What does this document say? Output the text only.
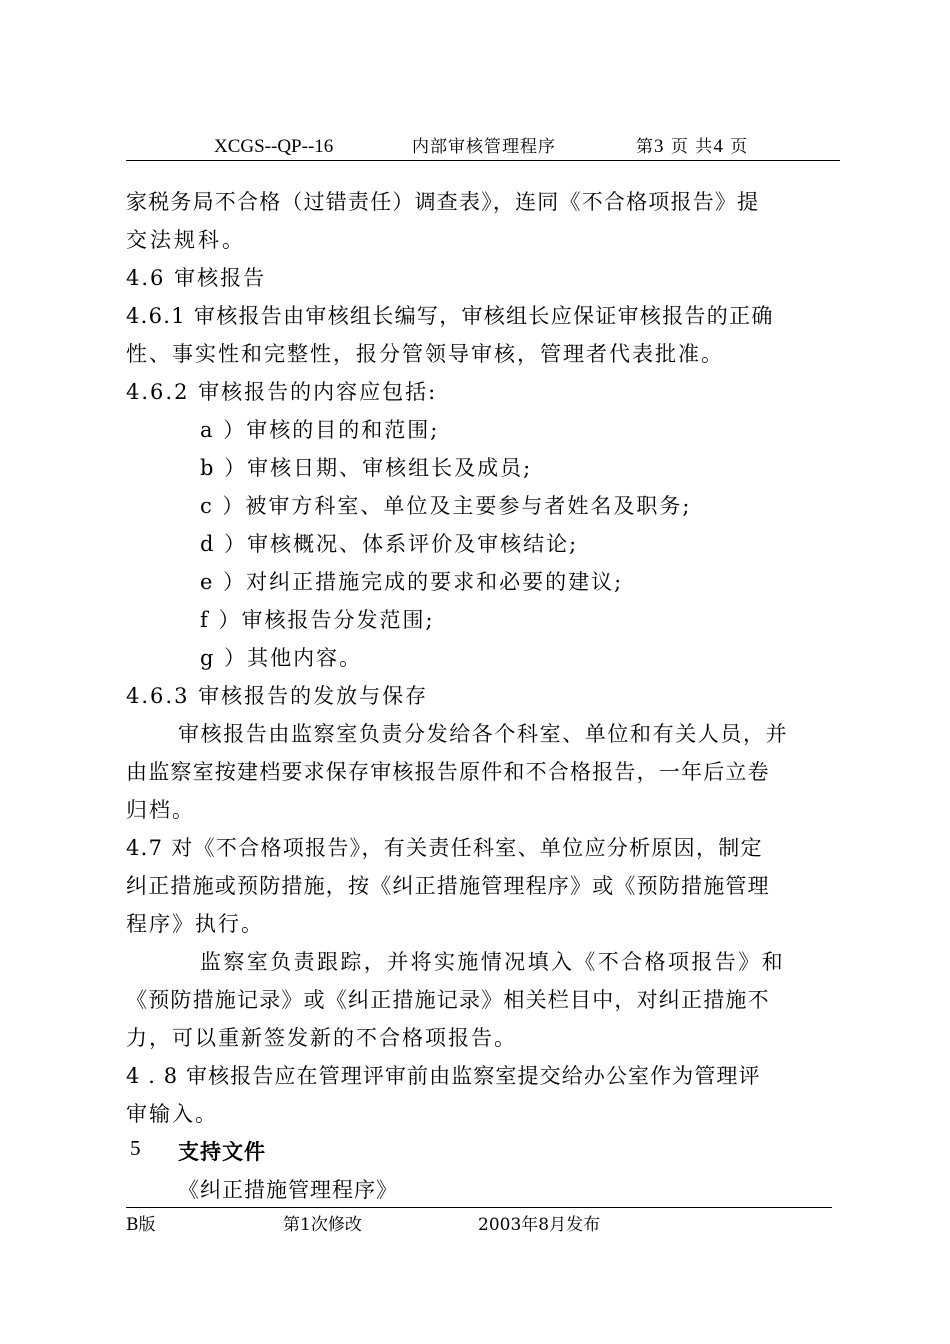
XCGS--QP--16	内部审核管理程序	第3 页 共4 页
家税务局不合格（过错责任）调查表》，连同《不合格项报告》提
交法规科。
4.6 审核报告
4.6.1 审核报告由审核组长编写，审核组长应保证审核报告的正确
性、事实性和完整性，报分管领导审核，管理者代表批准。
4.6.2 审核报告的内容应包括:
a ）审核的目的和范围;
b ）审核日期、审核组长及成员;
c ）被审方科室、单位及主要参与者姓名及职务;
d ）审核概况、体系评价及审核结论;
e ）对纠正措施完成的要求和必要的建议;
f ）审核报告分发范围;
g ）其他内容。
4.6.3 审核报告的发放与保存
审核报告由监察室负责分发给各个科室、单位和有关人员，并
由监察室按建档要求保存审核报告原件和不合格报告，一年后立卷
归档。
4.7 对《不合格项报告》，有关责任科室、单位应分析原因，制定
纠正措施或预防措施，按《纠正措施管理程序》或《预防措施管理
程序》执行。
监察室负责跟踪，并将实施情况填入《不合格项报告》和
《预防措施记录》或《纠正措施记录》相关栏目中，对纠正措施不
力，可以重新签发新的不合格项报告。
4 . 8 审核报告应在管理评审前由监察室提交给办公室作为管理评
审输入。
5 支持文件
《纠正措施管理程序》
B版	第1次修改	2003年8月发布
